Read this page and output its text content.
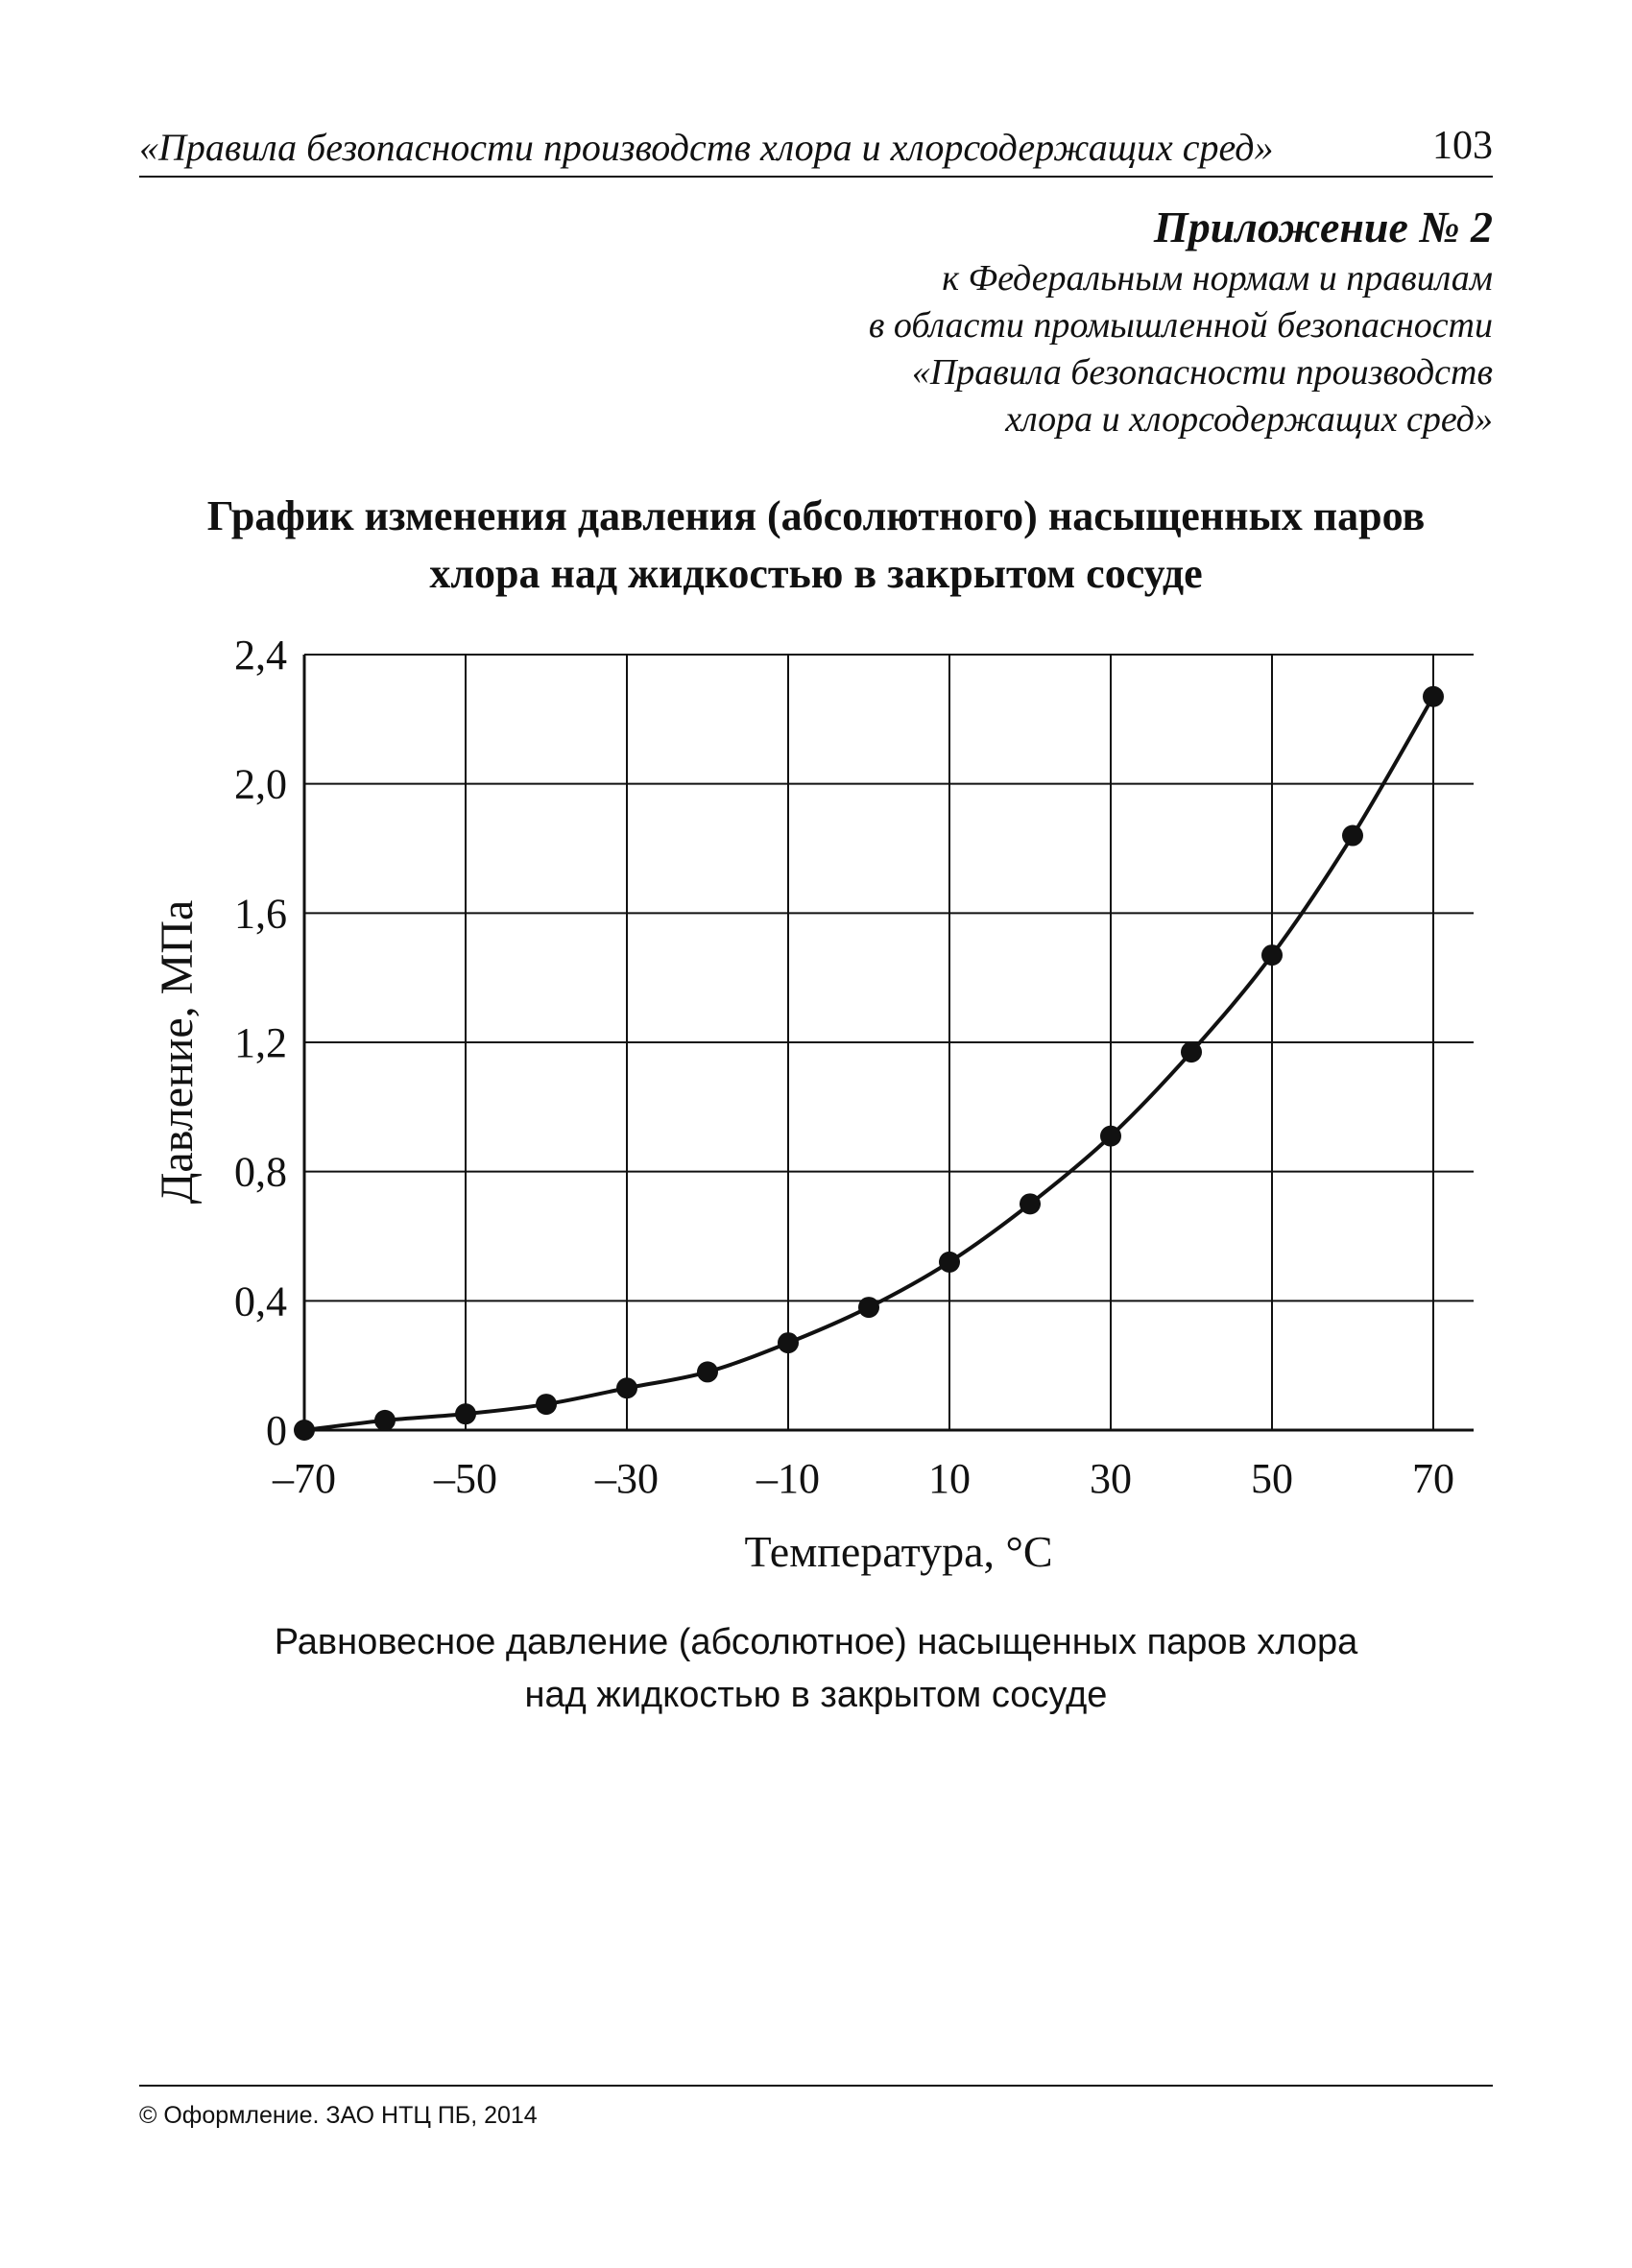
«Правила безопасности производств хлора и хлорсодержащих сред»	103
Приложение № 2
к Федеральным нормам и правилам
в области промышленной безопасности
«Правила безопасности производств
хлора и хлорсодержащих сред»
График изменения давления (абсолютного) насыщенных паров
хлора над жидкостью в закрытом сосуде
0
0,4
0,8
1,2
1,6
2,0
2,4
–70 –50 –30 –10	10	30	50	70
Температура, °С
Давление, МПа
Равновесное давление (абсолютное) насыщенных паров хлора
над жидкостью в закрытом сосуде
© Оформление. ЗАО НТЦ ПБ, 2014
